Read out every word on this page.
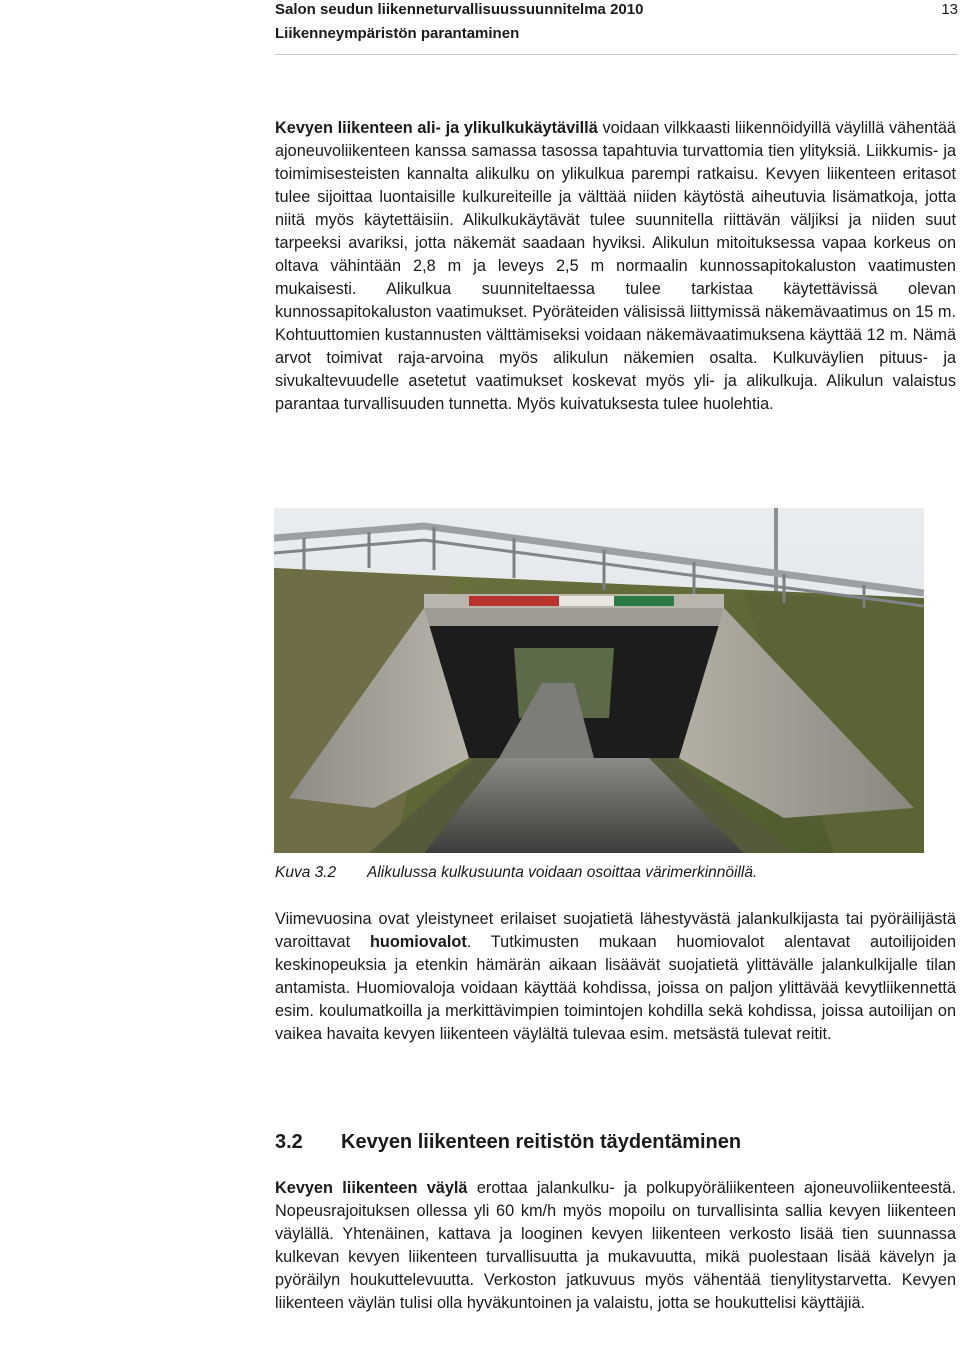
Salon seudun liikenneturvallisuussuunnitelma 2010
Liikenneympäristön parantaminen
13

Kevyen liikenteen ali- ja ylikulkukäytävillä voidaan vilkkaasti liikennöidyillä väylillä vähentää ajoneuvoliikenteen kanssa samassa tasossa tapahtuvia turvattomia tien ylityksiä. Liikkumis- ja toimimisesteisten kannalta alikulku on ylikulkua parempi ratkaisu. Kevyen liikenteen eritasot tulee sijoittaa luontaisille kulkureiteille ja välttää niiden käytöstä aiheutuvia lisämatkoja, jotta niitä myös käytettäisiin. Alikulkukäytävät tulee suunnitella riittävän väljiksi ja niiden suut tarpeeksi avariksi, jotta näkemät saadaan hyviksi. Alikulun mitoituksessa vapaa korkeus on oltava vähintään 2,8 m ja leveys 2,5 m normaalin kunnossapitokaluston vaatimusten mukaisesti. Alikulkua suunniteltaessa tulee tarkistaa käytettävissä olevan kunnossapitokaluston vaatimukset. Pyöräteiden välisissä liittymissä näkemävaatimus on 15 m. Kohtuuttomien kustannusten välttämiseksi voidaan näkemävaatimuksena käyttää 12 m. Nämä arvot toimivat raja-arvoina myös alikulun näkemien osalta. Kulkuväylien pituus- ja sivukaltevuudelle asetetut vaatimukset koskevat myös yli- ja alikulkuja. Alikulun valaistus parantaa turvallisuuden tunnetta. Myös kuivatuksesta tulee huolehtia.

Kuva 3.2 Alikulussa kulkusuunta voidaan osoittaa värimerkinnöillä.

Viimevuosina ovat yleistyneet erilaiset suojatietä lähestyvästä jalankulkijasta tai pyöräilijästä varoittavat huomiovalot. Tutkimusten mukaan huomiovalot alentavat autoilijoiden keskinopeuksia ja etenkin hämärän aikaan lisäävät suojatietä ylittävälle jalankulkijalle tilan antamista. Huomiovaloja voidaan käyttää kohdissa, joissa on paljon ylittävää kevytliikennettä esim. koulumatkoilla ja merkittävimpien toimintojen kohdilla sekä kohdissa, joissa autoilijan on vaikea havaita kevyen liikenteen väylältä tulevaa esim. metsästä tulevat reitit.

3.2 Kevyen liikenteen reitistön täydentäminen

Kevyen liikenteen väylä erottaa jalankulku- ja polkupyöräliikenteen ajoneuvoliikenteestä. Nopeusrajoituksen ollessa yli 60 km/h myös mopoilu on turvallisinta sallia kevyen liikenteen väylällä. Yhtenäinen, kattava ja looginen kevyen liikenteen verkosto lisää tien suunnassa kulkevan kevyen liikenteen turvallisuutta ja mukavuutta, mikä puolestaan lisää kävelyn ja pyöräilyn houkuttelevuutta. Verkoston jatkuvuus myös vähentää tienylitystarvetta. Kevyen liikenteen väylän tulisi olla hyväkuntoinen ja valaistu, jotta se houkuttelisi käyttäjiä.
